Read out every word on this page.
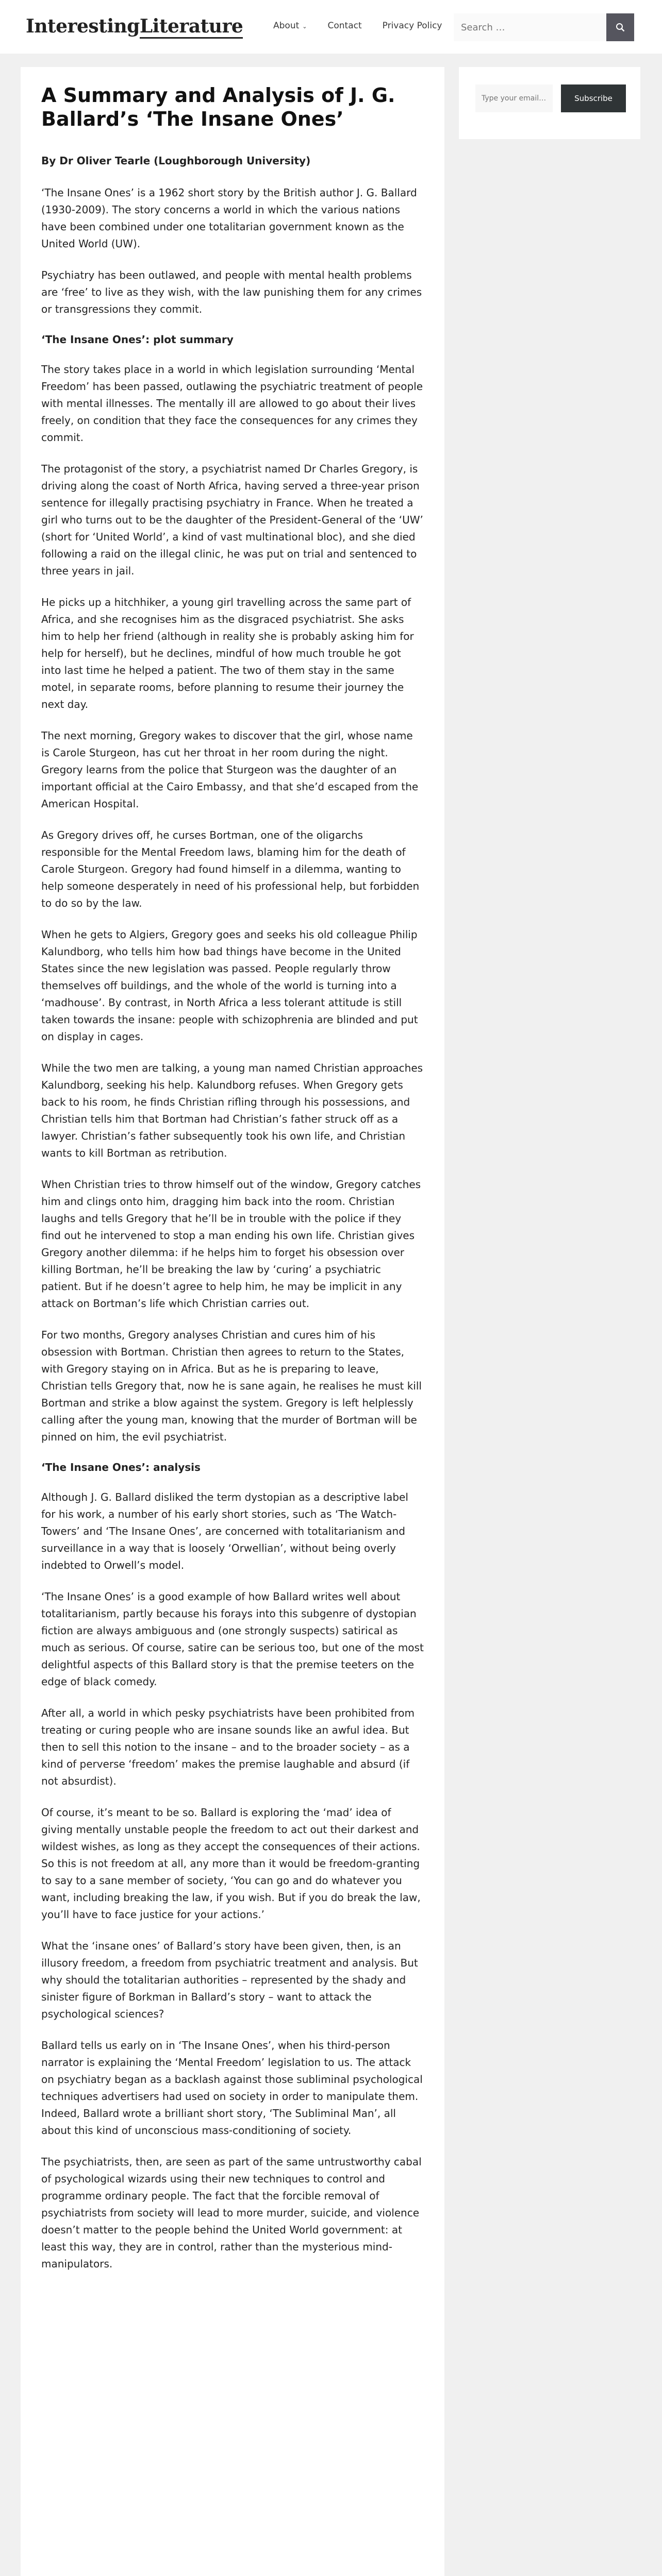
InterestingLiterature	About ⌄ Contact Privacy Policy
Search …
A Summary and Analysis of J. G. Ballard’s ‘The Insane Ones’

By Dr Oliver Tearle (Loughborough University)

‘The Insane Ones’ is a 1962 short story by the British author J. G. Ballard (1930-2009). The story concerns a world in which the various nations have been combined under one totalitarian government known as the United World (UW).

Psychiatry has been outlawed, and people with mental health problems are ‘free’ to live as they wish, with the law punishing them for any crimes or transgressions they commit.

‘The Insane Ones’: plot summary

The story takes place in a world in which legislation surrounding ‘Mental Freedom’ has been passed, outlawing the psychiatric treatment of people with mental illnesses. The mentally ill are allowed to go about their lives freely, on condition that they face the consequences for any crimes they commit.

The protagonist of the story, a psychiatrist named Dr Charles Gregory, is driving along the coast of North Africa, having served a three-year prison sentence for illegally practising psychiatry in France. When he treated a girl who turns out to be the daughter of the President-General of the ‘UW’ (short for ‘United World’, a kind of vast multinational bloc), and she died following a raid on the illegal clinic, he was put on trial and sentenced to three years in jail.

He picks up a hitchhiker, a young girl travelling across the same part of Africa, and she recognises him as the disgraced psychiatrist. She asks him to help her friend (although in reality she is probably asking him for help for herself), but he declines, mindful of how much trouble he got into last time he helped a patient. The two of them stay in the same motel, in separate rooms, before planning to resume their journey the next day.

The next morning, Gregory wakes to discover that the girl, whose name is Carole Sturgeon, has cut her throat in her room during the night. Gregory learns from the police that Sturgeon was the daughter of an important official at the Cairo Embassy, and that she’d escaped from the American Hospital.

As Gregory drives off, he curses Bortman, one of the oligarchs responsible for the Mental Freedom laws, blaming him for the death of Carole Sturgeon. Gregory had found himself in a dilemma, wanting to help someone desperately in need of his professional help, but forbidden to do so by the law.

When he gets to Algiers, Gregory goes and seeks his old colleague Philip Kalundborg, who tells him how bad things have become in the United States since the new legislation was passed. People regularly throw themselves off buildings, and the whole of the world is turning into a ‘madhouse’. By contrast, in North Africa a less tolerant attitude is still taken towards the insane: people with schizophrenia are blinded and put on display in cages.

While the two men are talking, a young man named Christian approaches Kalundborg, seeking his help. Kalundborg refuses. When Gregory gets back to his room, he finds Christian rifling through his possessions, and Christian tells him that Bortman had Christian’s father struck off as a lawyer. Christian’s father subsequently took his own life, and Christian wants to kill Bortman as retribution.

When Christian tries to throw himself out of the window, Gregory catches him and clings onto him, dragging him back into the room. Christian laughs and tells Gregory that he’ll be in trouble with the police if they find out he intervened to stop a man ending his own life. Christian gives Gregory another dilemma: if he helps him to forget his obsession over killing Bortman, he’ll be breaking the law by ‘curing’ a psychiatric patient. But if he doesn’t agree to help him, he may be implicit in any attack on Bortman’s life which Christian carries out.

For two months, Gregory analyses Christian and cures him of his obsession with Bortman. Christian then agrees to return to the States, with Gregory staying on in Africa. But as he is preparing to leave, Christian tells Gregory that, now he is sane again, he realises he must kill Bortman and strike a blow against the system. Gregory is left helplessly calling after the young man, knowing that the murder of Bortman will be pinned on him, the evil psychiatrist.

‘The Insane Ones’: analysis

Although J. G. Ballard disliked the term dystopian as a descriptive label for his work, a number of his early short stories, such as ‘The Watch-Towers’ and ‘The Insane Ones’, are concerned with totalitarianism and surveillance in a way that is loosely ‘Orwellian’, without being overly indebted to Orwell’s model.

‘The Insane Ones’ is a good example of how Ballard writes well about totalitarianism, partly because his forays into this subgenre of dystopian fiction are always ambiguous and (one strongly suspects) satirical as much as serious. Of course, satire can be serious too, but one of the most delightful aspects of this Ballard story is that the premise teeters on the edge of black comedy.

After all, a world in which pesky psychiatrists have been prohibited from treating or curing people who are insane sounds like an awful idea. But then to sell this notion to the insane – and to the broader society – as a kind of perverse ‘freedom’ makes the premise laughable and absurd (if not absurdist).

Of course, it’s meant to be so. Ballard is exploring the ‘mad’ idea of giving mentally unstable people the freedom to act out their darkest and wildest wishes, as long as they accept the consequences of their actions. So this is not freedom at all, any more than it would be freedom-granting to say to a sane member of society, ‘You can go and do whatever you want, including breaking the law, if you wish. But if you do break the law, you’ll have to face justice for your actions.’

What the ‘insane ones’ of Ballard’s story have been given, then, is an illusory freedom, a freedom from psychiatric treatment and analysis. But why should the totalitarian authorities – represented by the shady and sinister figure of Borkman in Ballard’s story – want to attack the psychological sciences?

Ballard tells us early on in ‘The Insane Ones’, when his third-person narrator is explaining the ‘Mental Freedom’ legislation to us. The attack on psychiatry began as a backlash against those subliminal psychological techniques advertisers had used on society in order to manipulate them. Indeed, Ballard wrote a brilliant short story, ‘The Subliminal Man’, all about this kind of unconscious mass-conditioning of society.

The psychiatrists, then, are seen as part of the same untrustworthy cabal of psychological wizards using their new techniques to control and programme ordinary people. The fact that the forcible removal of psychiatrists from society will lead to more murder, suicide, and violence doesn’t matter to the people behind the United World government: at least this way, they are in control, rather than the mysterious mind-manipulators.

Type your email…
Subscribe
